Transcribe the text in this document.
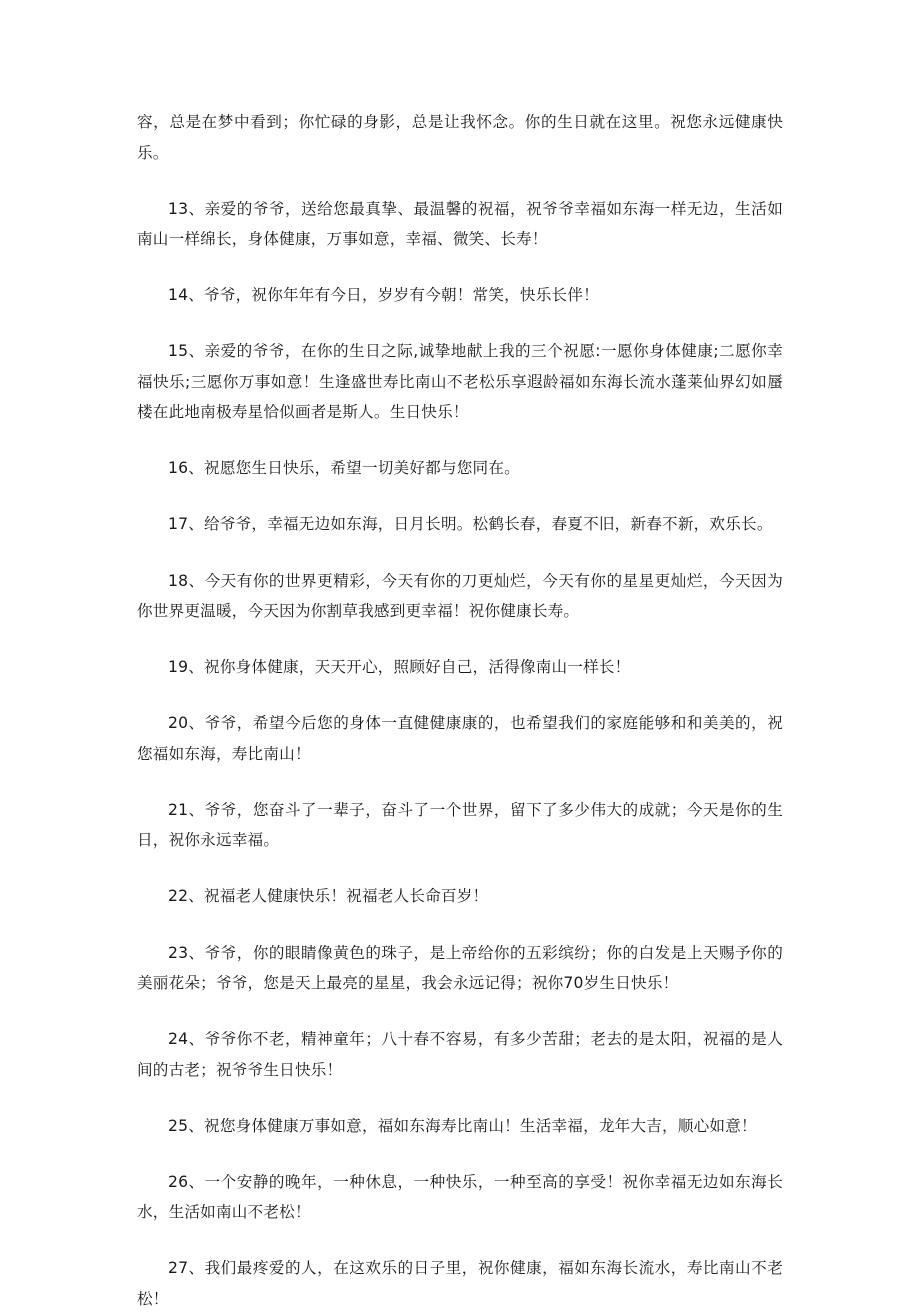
容，总是在梦中看到；你忙碌的身影，总是让我怀念。你的生日就在这里。祝您永远健康快乐。

13、亲爱的爷爷，送给您最真挚、最温馨的祝福，祝爷爷幸福如东海一样无边，生活如南山一样绵长，身体健康，万事如意，幸福、微笑、长寿！

14、爷爷，祝你年年有今日，岁岁有今朝！常笑，快乐长伴！

15、亲爱的爷爷，在你的生日之际,诚挚地献上我的三个祝愿:一愿你身体健康;二愿你幸福快乐;三愿你万事如意！生逢盛世寿比南山不老松乐享遐龄福如东海长流水蓬莱仙界幻如蜃楼在此地南极寿星恰似画者是斯人。生日快乐！

16、祝愿您生日快乐，希望一切美好都与您同在。

17、给爷爷，幸福无边如东海，日月长明。松鹤长春，春夏不旧，新春不新，欢乐长。

18、今天有你的世界更精彩，今天有你的刀更灿烂，今天有你的星星更灿烂，今天因为你世界更温暖，今天因为你割草我感到更幸福！祝你健康长寿。

19、祝你身体健康，天天开心，照顾好自己，活得像南山一样长！

20、爷爷，希望今后您的身体一直健健康康的，也希望我们的家庭能够和和美美的，祝您福如东海，寿比南山！

21、爷爷，您奋斗了一辈子，奋斗了一个世界，留下了多少伟大的成就；今天是你的生日，祝你永远幸福。

22、祝福老人健康快乐！祝福老人长命百岁！

23、爷爷，你的眼睛像黄色的珠子，是上帝给你的五彩缤纷；你的白发是上天赐予你的美丽花朵；爷爷，您是天上最亮的星星，我会永远记得；祝你70岁生日快乐！

24、爷爷你不老，精神童年；八十春不容易，有多少苦甜；老去的是太阳，祝福的是人间的古老；祝爷爷生日快乐！

25、祝您身体健康万事如意，福如东海寿比南山！生活幸福，龙年大吉，顺心如意！

26、一个安静的晚年，一种休息，一种快乐，一种至高的享受！祝你幸福无边如东海长水，生活如南山不老松！

27、我们最疼爱的人，在这欢乐的日子里，祝你健康，福如东海长流水，寿比南山不老松！
